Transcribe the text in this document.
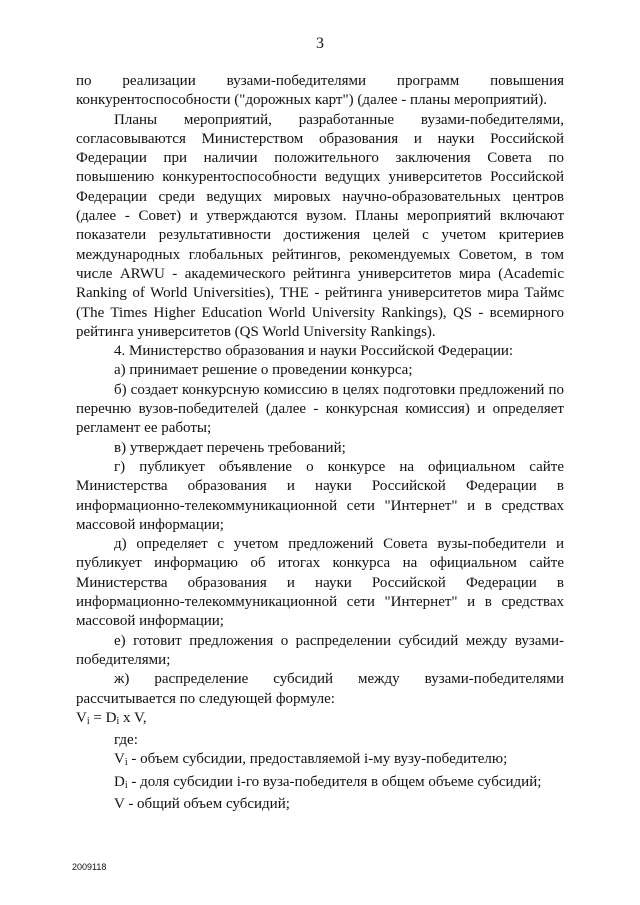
3

по реализации вузами-победителями программ повышения конкурентоспособности ("дорожных карт") (далее - планы мероприятий).

Планы мероприятий, разработанные вузами-победителями, согласовываются Министерством образования и науки Российской Федерации при наличии положительного заключения Совета по повышению конкурентоспособности ведущих университетов Российской Федерации среди ведущих мировых научно-образовательных центров (далее - Совет) и утверждаются вузом. Планы мероприятий включают показатели результативности достижения целей с учетом критериев международных глобальных рейтингов, рекомендуемых Советом, в том числе ARWU - академического рейтинга университетов мира (Academic Ranking of World Universities), THE - рейтинга университетов мира Таймс (The Times Higher Education World University Rankings), QS - всемирного рейтинга университетов (QS World University Rankings).

4. Министерство образования и науки Российской Федерации:

а) принимает решение о проведении конкурса;

б) создает конкурсную комиссию в целях подготовки предложений по перечню вузов-победителей (далее - конкурсная комиссия) и определяет регламент ее работы;

в) утверждает перечень требований;

г) публикует объявление о конкурсе на официальном сайте Министерства образования и науки Российской Федерации в информационно-телекоммуникационной сети "Интернет" и в средствах массовой информации;

д) определяет с учетом предложений Совета вузы-победители и публикует информацию об итогах конкурса на официальном сайте Министерства образования и науки Российской Федерации в информационно-телекоммуникационной сети "Интернет" и в средствах массовой информации;

е) готовит предложения о распределении субсидий между вузами-победителями;

ж) распределение субсидий между вузами-победителями рассчитывается по следующей формуле:

$V_i = D_i$ x V,

где:

$V_i$ - объем субсидии, предоставляемой i-му вузу-победителю;

$D_i$ - доля субсидии i-го вуза-победителя в общем объеме субсидий;

V - общий объем субсидий;

2009118
